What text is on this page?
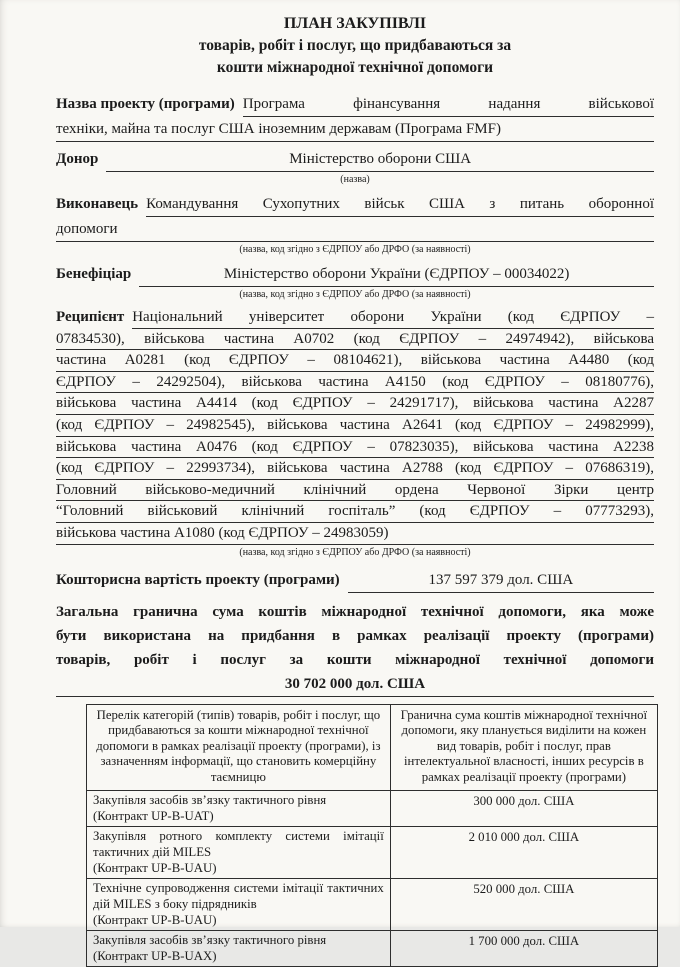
ПЛАН ЗАКУПІВЛІ
товарів, робіт і послуг, що придбаваються за
кошти міжнародної технічної допомоги
Назва проекту (програми) Програма фінансування надання військової
техніки, майна та послуг США іноземним державам (Програма FMF)
Донор	Міністерство оборони США
(назва)
Виконавець Командування Сухопутних військ США з питань оборонної
допомоги
(назва, код згідно з ЄДРПОУ або ДРФО (за наявності)
Бенефіціар	Міністерство оборони України (ЄДРПОУ – 00034022)
(назва, код згідно з ЄДРПОУ або ДРФО (за наявності)
Реципієнт Національний університет оборони України (код ЄДРПОУ –
07834530), військова частина А0702 (код ЄДРПОУ – 24974942), військова
частина А0281 (код ЄДРПОУ – 08104621), військова частина А4480 (код
ЄДРПОУ – 24292504), військова частина А4150 (код ЄДРПОУ – 08180776),
військова частина А4414 (код ЄДРПОУ – 24291717), військова частина А2287
(код ЄДРПОУ – 24982545), військова частина А2641 (код ЄДРПОУ – 24982999),
військова частина А0476 (код ЄДРПОУ – 07823035), військова частина А2238
(код ЄДРПОУ – 22993734), військова частина А2788 (код ЄДРПОУ – 07686319),
Головний військово-медичний клінічний ордена Червоної Зірки центр
“Головний військовий клінічний госпіталь” (код ЄДРПОУ – 07773293),
військова частина А1080 (код ЄДРПОУ – 24983059)
(назва, код згідно з ЄДРПОУ або ДРФО (за наявності)
Кошторисна вартість проекту (програми)	137 597 379 дол. США
Загальна гранична сума коштів міжнародної технічної допомоги, яка може
бути використана на придбання в рамках реалізації проекту (програми)
товарів, робіт і послуг за кошти міжнародної технічної допомоги
30 702 000 дол. США
Перелік категорій (типів) товарів, робіт і послуг, що придбаваються за кошти міжнародної технічної допомоги в рамках реалізації проекту (програми), із зазначенням інформації, що становить комерційну таємницю	Гранична сума коштів міжнародної технічної допомоги, яку планується виділити на кожен вид товарів, робіт і послуг, прав інтелектуальної власності, інших ресурсів в рамках реалізації проекту (програми)

Закупівля засобів зв’язку тактичного рівня
(Контракт UP-B-UAT)	300 000 дол. США

Закупівля ротного комплекту системи імітації тактичних дій MILES
(Контракт UP-B-UAU)	2 010 000 дол. США

Технічне супроводження системи імітації тактичних дій MILES з боку підрядників
(Контракт UP-B-UAU)	520 000 дол. США

Закупівля засобів зв’язку тактичного рівня
(Контракт UP-B-UAX)	1 700 000 дол. США
